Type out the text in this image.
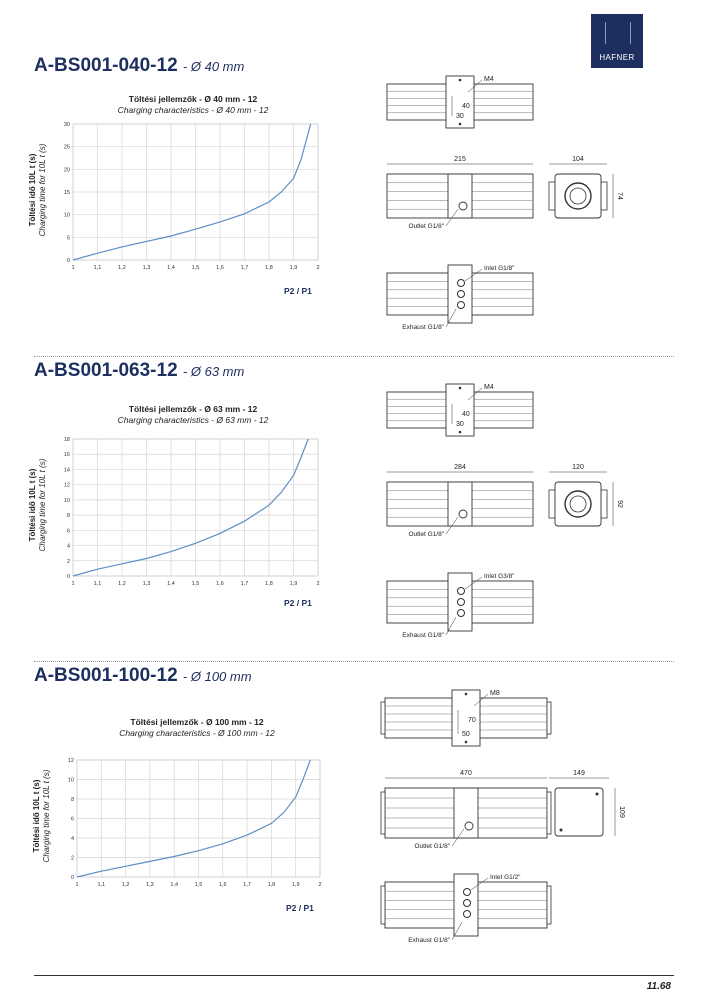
HAFNER
A-BS001-040-12 - Ø 40 mm
Töltési jellemzők - Ø 40 mm - 12
Charging characteristics - Ø 40 mm - 12
Töltési idő 10L t (s) Charging time for 10L t (s)
P2 / P1
1	1,1	1,2	1,3	1,4	1,5	1,6	1,7	1,8	1,9	2
0
5
10
15
20
25
30
40
30
M4
215
Outlet G1/8"
104
74
Inlet G1/8"
Exhaust G1/8"
A-BS001-063-12 - Ø 63 mm
Töltési jellemzők - Ø 63 mm - 12
Charging characteristics - Ø 63 mm - 12
Töltési idő 10L t (s) Charging time for 10L t (s)
P2 / P1
1	1,1	1,2	1,3	1,4	1,5	1,6	1,7	1,8	1,9	2
0
2
4
6
8
10
12
14
16
18
40
30
M4
284
Outlet G1/8"
120
92
Inlet G3/8"
Exhaust G1/8"
A-BS001-100-12 - Ø 100 mm
Töltési jellemzők - Ø 100 mm - 12
Charging characteristics - Ø 100 mm - 12
Töltési idő 10L t (s) Charging time for 10L t (s)
P2 / P1
1	1,1	1,2	1,3	1,4	1,5	1,6	1,7	1,8	1,9	2
0
2
4
6
8
10
12
70
50
M8
470
Outlet G1/8"
149
109
Inlet G1/2"
Exhaust G1/8"
11.68
